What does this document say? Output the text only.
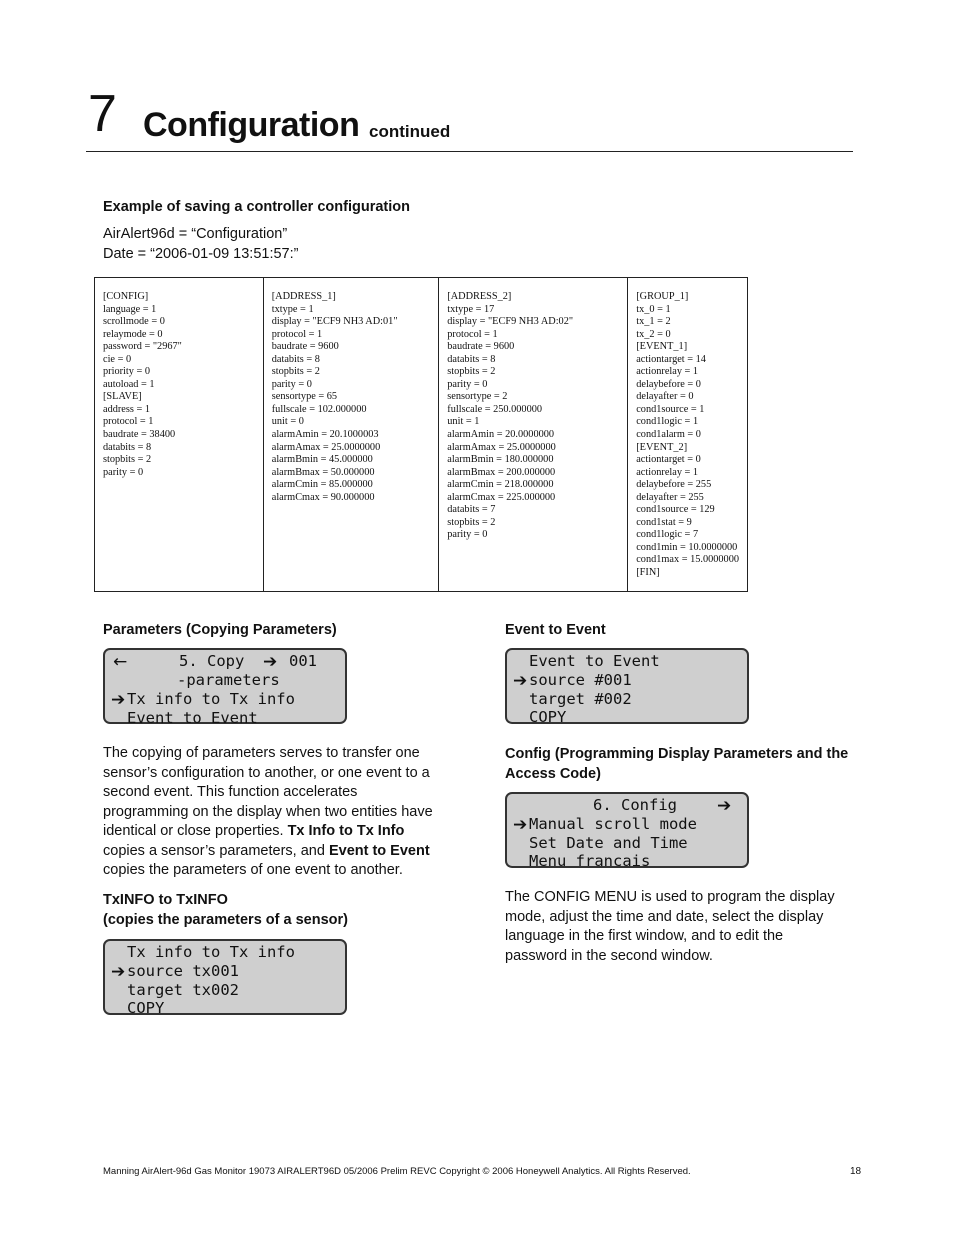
7 Configuration continued
Example of saving a controller configuration
AirAlert96d = “Configuration”
Date = “2006-01-09 13:51:57:”
[CONFIG]
language = 1
scrollmode = 0
relaymode = 0
password = "2967"
cie = 0
priority = 0
autoload = 1
[SLAVE]
address = 1
protocol = 1
baudrate = 38400
databits = 8
stopbits = 2
parity = 0

[ADDRESS_1]
txtype = 1
display = "ECF9 NH3 AD:01"
protocol = 1
baudrate = 9600
databits = 8
stopbits = 2
parity = 0
sensortype = 65
fullscale = 102.000000
unit = 0
alarmAmin = 20.1000003
alarmAmax = 25.0000000
alarmBmin = 45.000000
alarmBmax = 50.000000
alarmCmin = 85.000000
alarmCmax = 90.000000

[ADDRESS_2]
txtype = 17
display = "ECF9 NH3 AD:02"
protocol = 1
baudrate = 9600
databits = 8
stopbits = 2
parity = 0
sensortype = 2
fullscale = 250.000000
unit = 1
alarmAmin = 20.0000000
alarmAmax = 25.0000000
alarmBmin = 180.000000
alarmBmax = 200.000000
alarmCmin = 218.000000
alarmCmax = 225.000000
databits = 7
stopbits = 2
parity = 0

[GROUP_1]
tx_0 = 1
tx_1 = 2
tx_2 = 0
[EVENT_1]
actiontarget = 14
actionrelay = 1
delaybefore = 0
delayafter = 0
cond1source = 1
cond1logic = 1
cond1alarm = 0
[EVENT_2]
actiontarget = 0
actionrelay = 1
delaybefore = 255
delayafter = 255
cond1source = 129
cond1stat = 9
cond1logic = 7
cond1min = 10.0000000
cond1max = 15.0000000
[FIN]
Parameters (Copying Parameters)
←	5. Copy ➔ 001
-parameters
➔ Tx info to Tx info
Event to Event
The copying of parameters serves to transfer one sensor’s configuration to another, or one event to a second event. This function accelerates programming on the display when two entities have identical or close properties. Tx Info to Tx Info copies a sensor’s parameters, and Event to Event copies the parameters of one event to another.
TxINFO to TxINFO
(copies the parameters of a sensor)
Tx info to Tx info
➔ source tx001
target tx002
COPY
Event to Event
Event to Event
➔ source #001
target #002
COPY
Config (Programming Display Parameters and the Access Code)
6. Config ➔
➔ Manual scroll mode
Set Date and Time
Menu francais
The CONFIG MENU is used to program the display mode, adjust the time and date, select the display language in the first window, and to edit the password in the second window.
Manning AirAlert-96d Gas Monitor 19073 AIRALERT96D 05/2006 Prelim REVC Copyright © 2006 Honeywell Analytics. All Rights Reserved.	18
